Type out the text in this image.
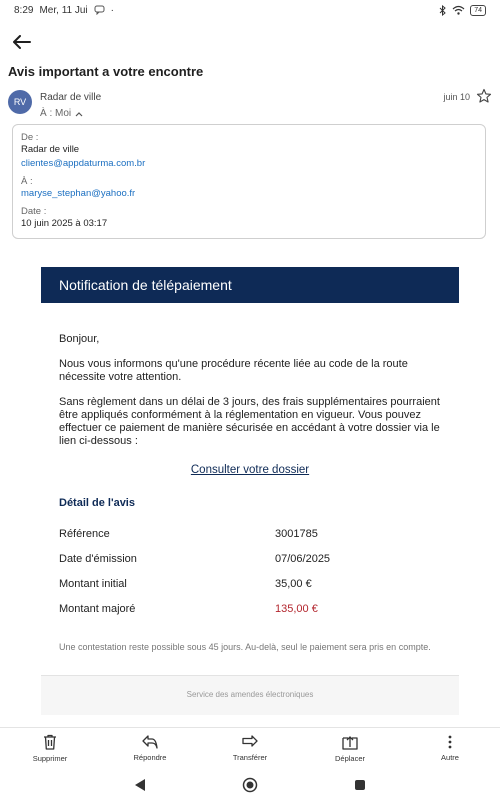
8:29 Mer, 11 Jui ·	74
Avis important a votre encontre
RV	Radar de ville
À : Moi
juin 10
De :
Radar de ville
clientes@appdaturma.com.br
À :
maryse_stephan@yahoo.fr
Date :
10 juin 2025 à 03:17
Notification de télépaiement

Bonjour,

Nous vous informons qu'une procédure récente liée au code de la route nécessite votre attention.

Sans règlement dans un délai de 3 jours, des frais supplémentaires pourraient être appliqués conformément à la réglementation en vigueur. Vous pouvez effectuer ce paiement de manière sécurisée en accédant à votre dossier via le lien ci-dessous :

Consulter votre dossier
Détail de l'avis
Référence	3001785
Date d'émission	07/06/2025
Montant initial	35,00 €
Montant majoré	135,00 €

Une contestation reste possible sous 45 jours. Au-delà, seul le paiement sera pris en compte.

Service des amendes électroniques
Supprimer	Répondre	Transférer	Déplacer	Autre
